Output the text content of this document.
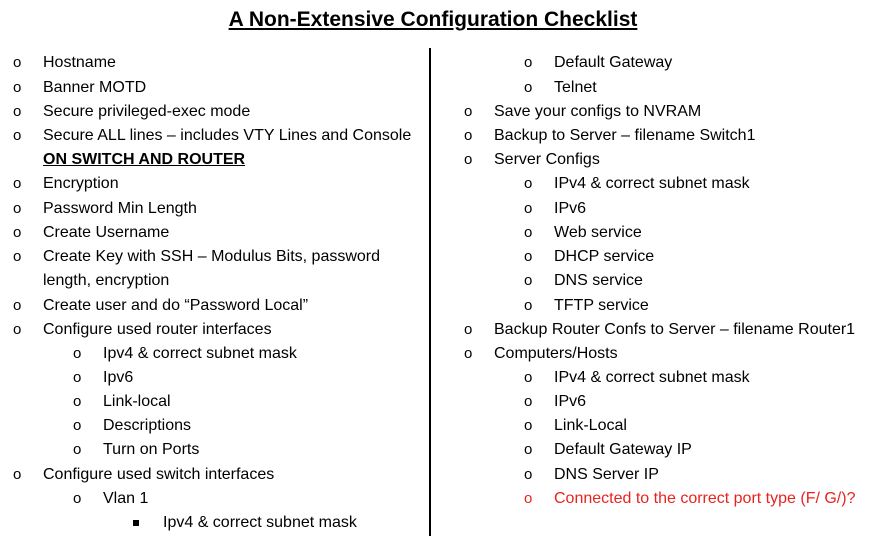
A Non-Extensive Configuration Checklist
o Hostname
o Banner MOTD
o Secure privileged-exec mode
o Secure ALL lines – includes VTY Lines and Console
ON SWITCH AND ROUTER
o Encryption
o Password Min Length
o Create Username
o Create Key with SSH – Modulus Bits, password
length, encryption
o Create user and do “Password Local”
o Configure used router interfaces
o Ipv4 & correct subnet mask
o Ipv6
o Link-local
o Descriptions
o Turn on Ports
o Configure used switch interfaces
o Vlan 1
Ipv4 & correct subnet mask
o Default Gateway
o Telnet
o Save your configs to NVRAM
o Backup to Server – filename Switch1
o Server Configs
o IPv4 & correct subnet mask
o IPv6
o Web service
o DHCP service
o DNS service
o TFTP service
o Backup Router Confs to Server – filename Router1
o Computers/Hosts
o IPv4 & correct subnet mask
o IPv6
o Link-Local
o Default Gateway IP
o DNS Server IP
o Connected to the correct port type (F/ G/)?
